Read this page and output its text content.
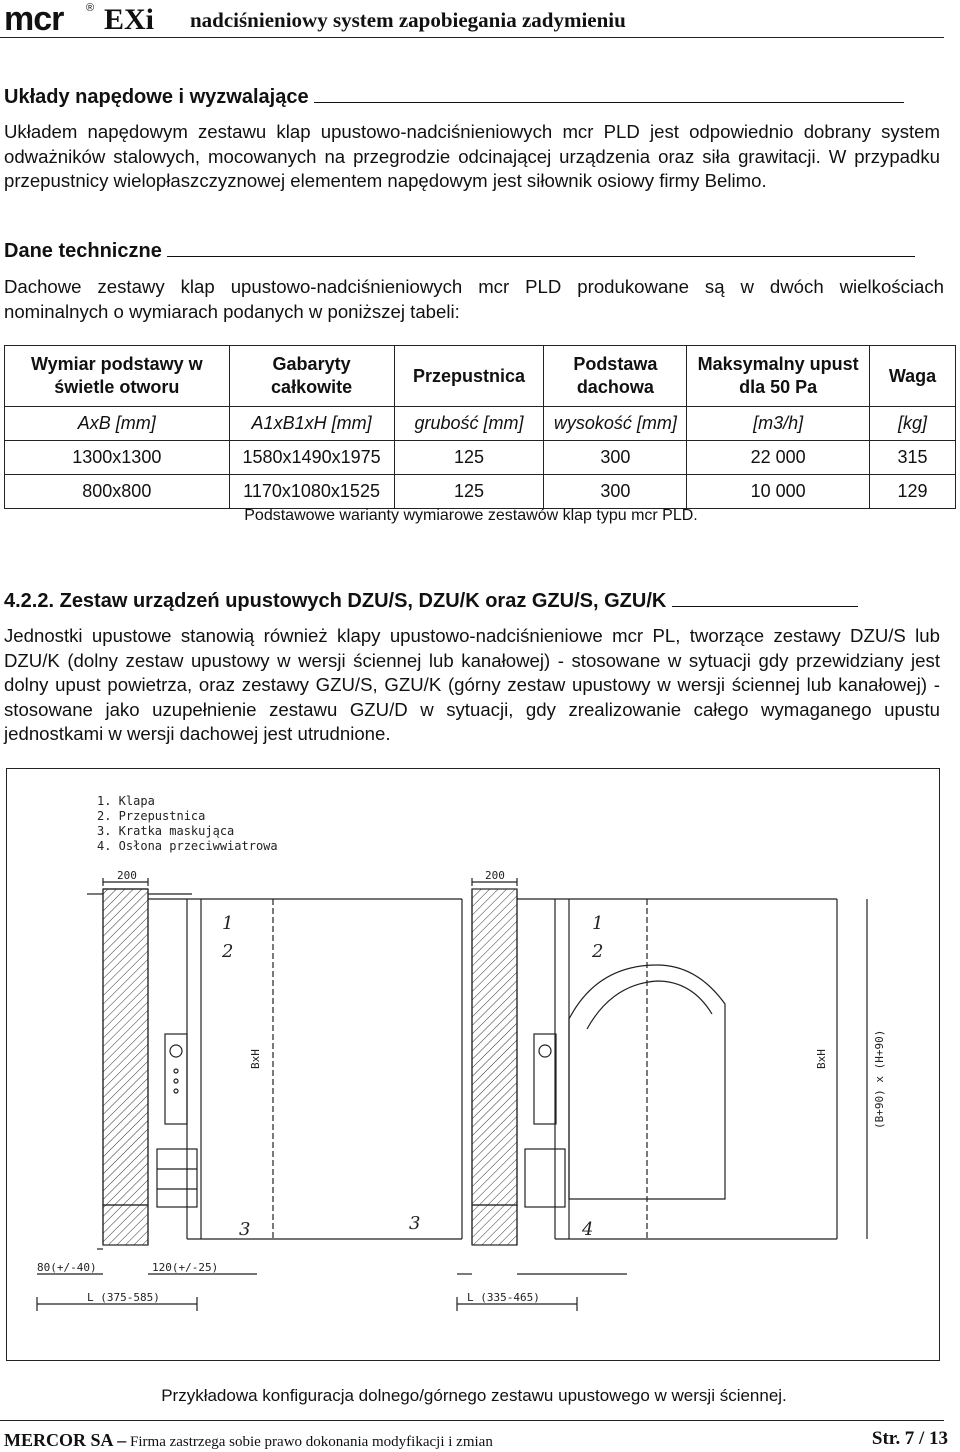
mcr ® EXi nadciśnieniowy system zapobiegania zadymieniu
Układy napędowe i wyzwalające

Układem napędowym zestawu klap upustowo-nadciśnieniowych mcr PLD jest odpowiednio dobrany system odważników stalowych, mocowanych na przegrodzie odcinającej urządzenia oraz siła grawitacji. W przypadku przepustnicy wielopłaszczyznowej elementem napędowym jest siłownik osiowy firmy Belimo.

Dane techniczne

Dachowe zestawy klap upustowo-nadciśnieniowych mcr PLD produkowane są w dwóch wielkościach nominalnych o wymiarach podanych w poniższej tabeli:

Wymiar podstawy w świetle otworu	Gabaryty całkowite	Przepustnica	Podstawa dachowa	Maksymalny upust dla 50 Pa	Waga
AxB [mm]	A1xB1xH [mm]	grubość [mm]	wysokość [mm]	[m3/h]	[kg]
1300x1300	1580x1490x1975	125	300	22 000	315
800x800	1170x1080x1525	125	300	10 000	129
Podstawowe warianty wymiarowe zestawów klap typu mcr PLD.
4.2.2. Zestaw urządzeń upustowych DZU/S, DZU/K oraz GZU/S, GZU/K

Jednostki upustowe stanowią również klapy upustowo-nadciśnieniowe mcr PL, tworzące zestawy DZU/S lub DZU/K (dolny zestaw upustowy w wersji ściennej lub kanałowej) - stosowane w sytuacji gdy przewidziany jest dolny upust powietrza, oraz zestawy GZU/S, GZU/K (górny zestaw upustowy w wersji ściennej lub kanałowej) - stosowane jako uzupełnienie zestawu GZU/D w sytuacji, gdy zrealizowanie całego wymaganego upustu jednostkami w wersji dachowej jest utrudnione.

1. Klapa
2. Przepustnica
3. Kratka maskująca
4. Osłona przeciwwiatrowa
200
BxH
80(+/-40)	120(+/-25)
L (375-585)
1
2
3
200
BxH	(B+90) x (H+90)
L (335-465)
1
2
3	4
Przykładowa konfiguracja dolnego/górnego zestawu upustowego w wersji ściennej.
MERCOR SA – Firma zastrzega sobie prawo dokonania modyfikacji i zmian	Str. 7 / 13
